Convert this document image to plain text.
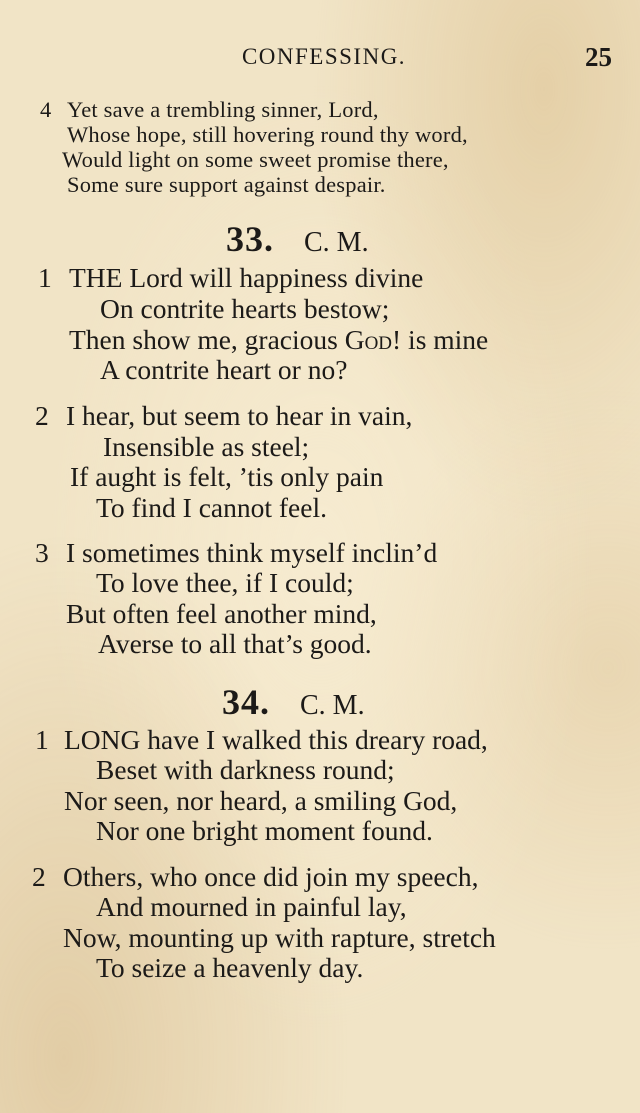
CONFESSING.	25
4 Yet save a trembling sinner, Lord,
Whose hope, still hovering round thy word,
Would light on some sweet promise there,
Some sure support against despair.
33. C. M.
1 THE Lord will happiness divine
On contrite hearts bestow;
Then show me, gracious God! is mine
A contrite heart or no?
2 I hear, but seem to hear in vain,
Insensible as steel;
If aught is felt, ’tis only pain
To find I cannot feel.
3 I sometimes think myself inclin’d
To love thee, if I could;
But often feel another mind,
Averse to all that’s good.
34. C. M.
1 LONG have I walked this dreary road,
Beset with darkness round;
Nor seen, nor heard, a smiling God,
Nor one bright moment found.
2 Others, who once did join my speech,
And mourned in painful lay,
Now, mounting up with rapture, stretch
To seize a heavenly day.
